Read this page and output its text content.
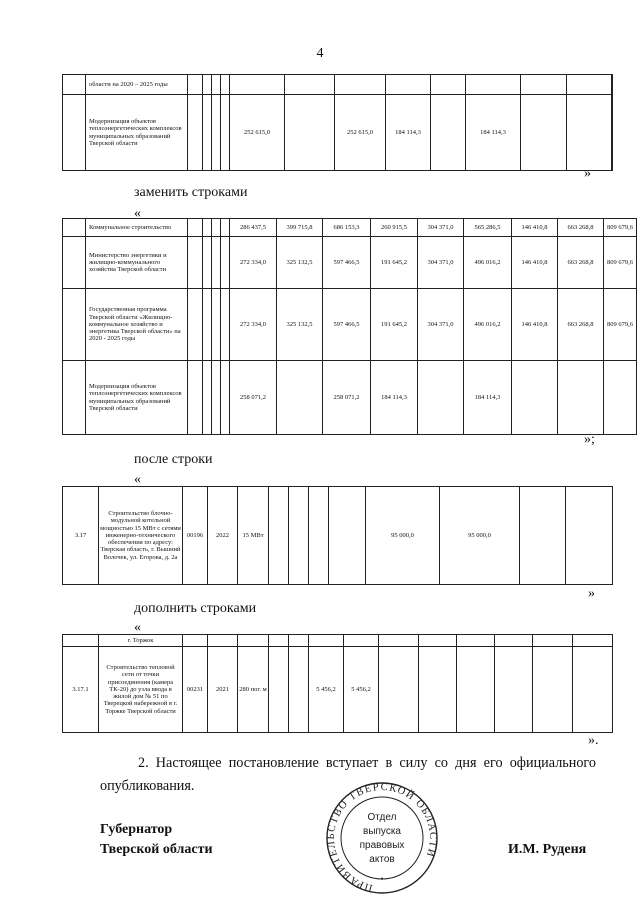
4
	области на 2020 – 2025 годы													
	Модернизация объектов теплоэнергетических комплексов муниципальных образований Тверской области					252 615,0		252 615,0	184 114,3		184 114,3			
»
заменить строками
«
	Коммунальное строительство					286 437,5	399 715,8	686 153,3	260 915,5	304 371,0	565 286,5	146 410,8	663 268,8	809 679,6
	Министерство энергетики и жилищно-коммунального хозяйства Тверской области					272 334,0	325 132,5	597 466,5	191 645,2	304 371,0	496 016,2	146 410,8	663 268,8	809 679,6
	Государственная программа Тверской области «Жилищно-коммунальное хозяйство и энергетика Тверской области» на 2020 - 2025 годы					272 334,0	325 132,5	597 466,5	191 645,2	304 371,0	496 016,2	146 410,8	663 268,8	809 679,6
	Модернизация объектов теплоэнергетических комплексов муниципальных образований Тверской области					258 071,2		258 071,2	184 114,3		184 114,3			
»;
после строки
«
3.17	Строительство блочно-модульной котельной мощностью 15 МВт с сетями инженерно-технического обеспечения по адресу: Тверская область, г. Вышний Волочек, ул. Егорова, д. 2а	00196	2022	15 МВт					95 000,0	95 000,0		
»
дополнить строками
«
	г. Торжок													
3.17.1	Строительство тепловой сети от точки присоединения (камера ТК-20) до узла ввода в жилой дом № 51 по Тверецкой набережной в г. Торжке Тверской области	00231	2021	280 пог. м			5 456,2	5 456,2						
».
2. Настоящее постановление вступает в силу со дня его официального опубликования.
Губернатор
Тверской области	И.М. Руденя
ПРАВИТЕЛЬСТВО ТВЕРСКОЙ ОБЛАСТИ
•
Отдел
выпуска
правовых
актов
